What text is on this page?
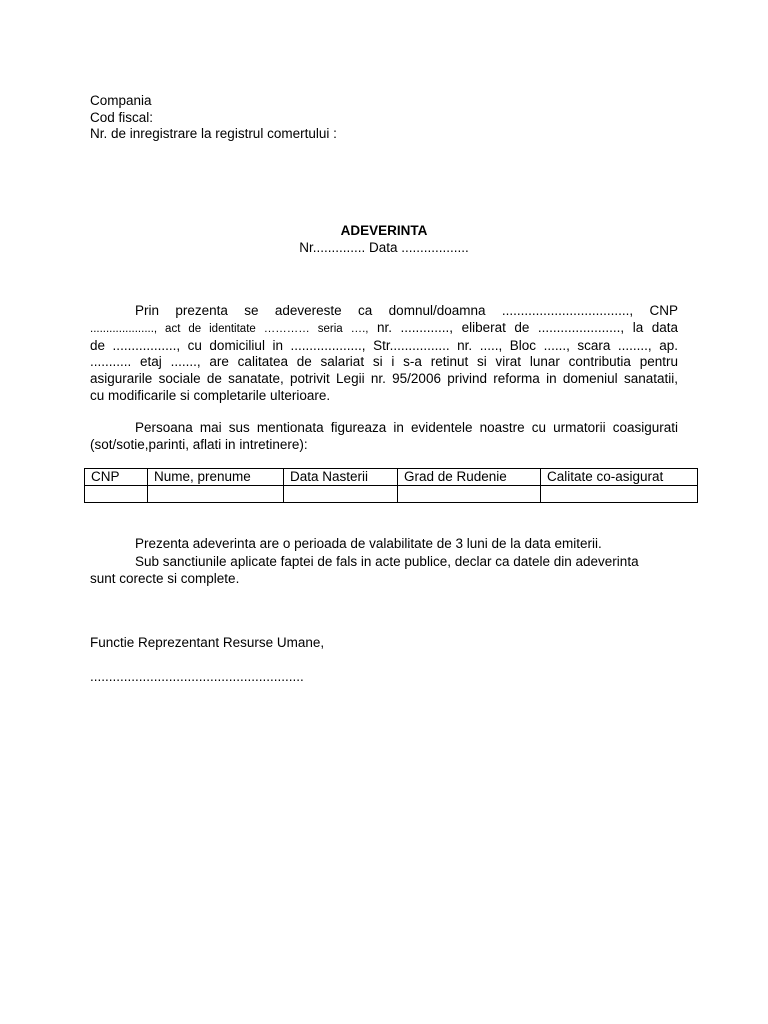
Compania
Cod fiscal:
Nr. de inregistrare la registrul comertului :
ADEVERINTA
Nr.............. Data ..................
Prin prezenta se adevereste ca domnul/doamna .................................., CNP
...................., act de identitate ………… seria …., nr. ............., eliberat de ......................, la data
de ................., cu domiciliul in ..................., Str................ nr. ....., Bloc ......, scara ........, ap.
........... etaj ......., are calitatea de salariat si i s-a retinut si virat lunar contributia pentru
asigurarile sociale de sanatate, potrivit Legii nr. 95/2006 privind reforma in domeniul sanatatii,
cu modificarile si completarile ulterioare.
Persoana mai sus mentionata figureaza in evidentele noastre cu urmatorii coasigurati (sot/sotie,parinti, aflati in intretinere):
CNP	Nume, prenume	Data Nasterii	Grad de Rudenie	Calitate co-asigurat

Prezenta adeverinta are o perioada de valabilitate de 3 luni de la data emiterii.
Sub sanctiunile aplicate faptei de fals in acte publice, declar ca datele din adeverinta
sunt corecte si complete.
Functie Reprezentant Resurse Umane,
.........................................................
